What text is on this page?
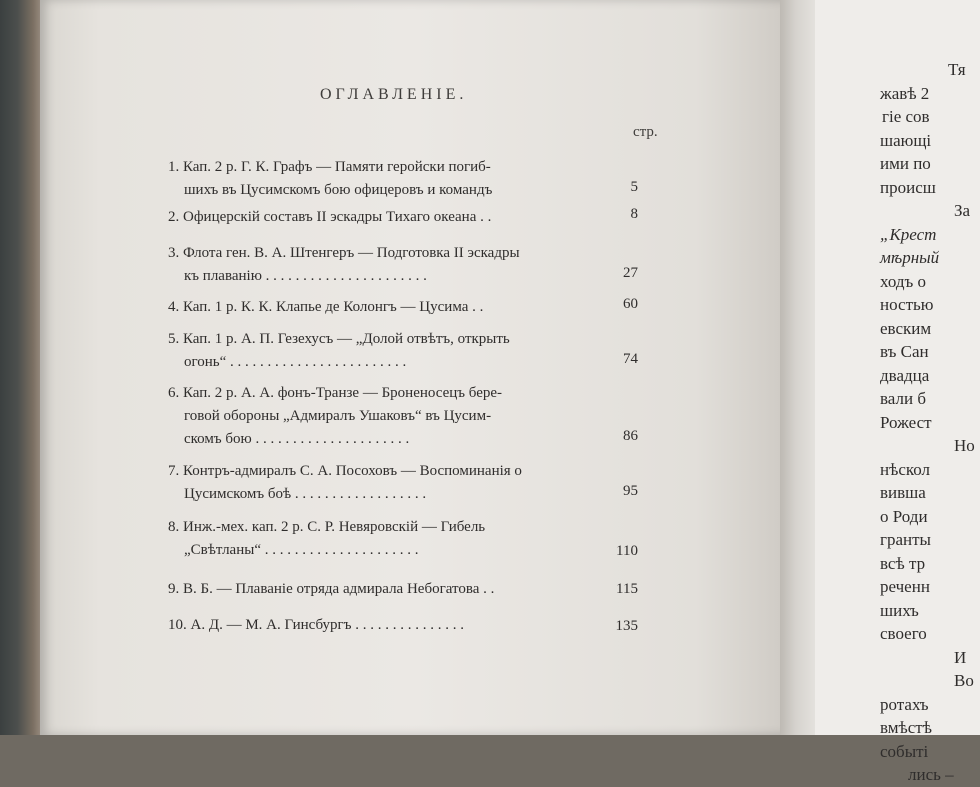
ОГЛАВЛЕНІЕ.
стр.
1. Кап. 2 р. Г. К. Графъ — Памяти геройски погиб-
шихъ въ Цусимскомъ бою офицеровъ и командъ	5
2. Офицерскій составъ II эскадры Тихаго океана . .	8
3. Флота ген. В. А. Штенгеръ — Подготовка II эскадры
къ плаванію . . . . . . . . . . . . . . . . . . . . . .	27
4. Кап. 1 р. К. К. Клапье де Колонгъ — Цусима . .	60
5. Кап. 1 р. А. П. Гезехусъ — „Долой отвѣтъ, открыть
огонь“ . . . . . . . . . . . . . . . . . . . . . . . .	74
6. Кап. 2 р. А. А. фонъ-Транзе — Броненосецъ бере-
говой обороны „Адмиралъ Ушаковъ“ въ Цусим-
скомъ бою . . . . . . . . . . . . . . . . . . . . .	86
7. Контръ-адмиралъ С. А. Посоховъ — Воспоминанія о
Цусимскомъ боѣ . . . . . . . . . . . . . . . . . .	95
8. Инж.-мех. кап. 2 р. С. Р. Невяровскій — Гибель
„Свѣтланы“ . . . . . . . . . . . . . . . . . . . . .	110
9. В. Б. — Плаваніе отряда адмирала Небогатова . .	115
10. А. Д. — М. А. Гинсбургъ . . . . . . . . . . . . . . .	135
Тя
жавѣ 2
гіе сов
шающі
ими по
происш
За
„Крест
мѣрный
ходъ о
ностью
евским
въ Сан
двадца
вали б
Рожест
Но
нѣскол
вивша
о Роди
гранты
всѣ тр
реченн
шихъ
своего
И
Во
ротахъ
вмѣстѣ
событі
лись –
